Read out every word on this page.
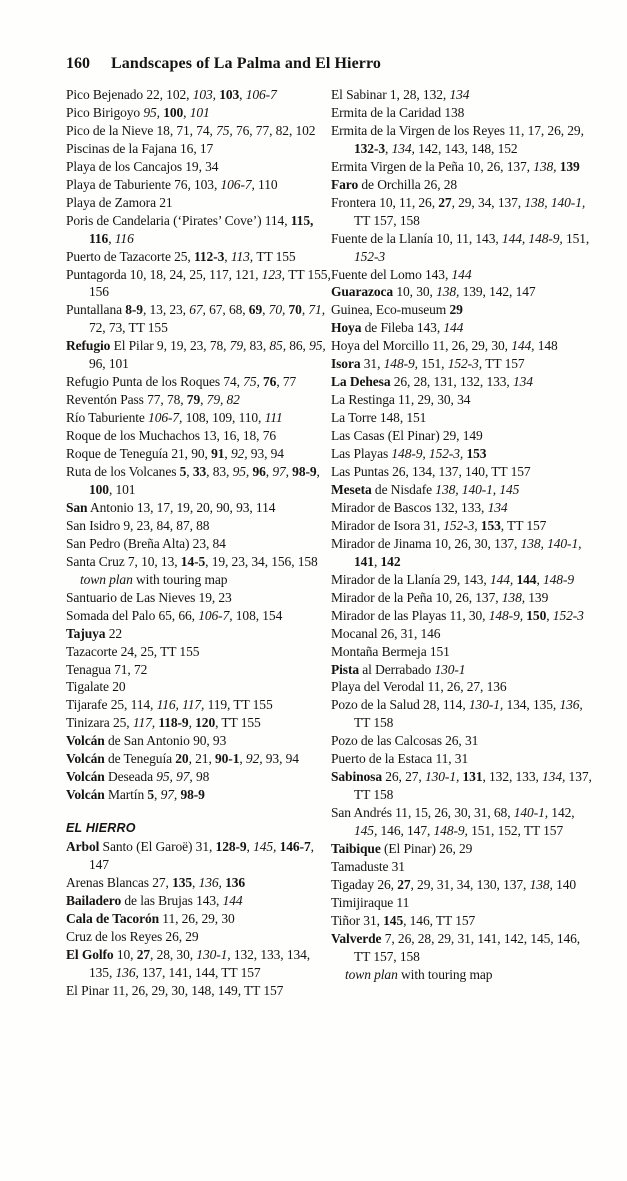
160 Landscapes of La Palma and El Hierro

Pico Bejenado 22, 102, 103, 103, 106-7

Pico Birigoyo 95, 100, 101

Pico de la Nieve 18, 71, 74, 75, 76, 77, 82, 102

Piscinas de la Fajana 16, 17

Playa de los Cancajos 19, 34

Playa de Taburiente 76, 103, 106-7, 110

Playa de Zamora 21

Poris de Candelaria (‘Pirates’ Cove’) 114, 115, 116, 116

Puerto de Tazacorte 25, 112-3, 113, TT 155

Puntagorda 10, 18, 24, 25, 117, 121, 123, TT 155, 156

Puntallana 8-9, 13, 23, 67, 67, 68, 69, 70, 70, 71, 72, 73, TT 155

Refugio El Pilar 9, 19, 23, 78, 79, 83, 85, 86, 95, 96, 101

Refugio Punta de los Roques 74, 75, 76, 77

Reventón Pass 77, 78, 79, 79, 82

Río Taburiente 106-7, 108, 109, 110, 111

Roque de los Muchachos 13, 16, 18, 76

Roque de Teneguía 21, 90, 91, 92, 93, 94

Ruta de los Volcanes 5, 33, 83, 95, 96, 97, 98-9, 100, 101

San Antonio 13, 17, 19, 20, 90, 93, 114

San Isidro 9, 23, 84, 87, 88

San Pedro (Breña Alta) 23, 84

Santa Cruz 7, 10, 13, 14-5, 19, 23, 34, 156, 158

town plan with touring map

Santuario de Las Nieves 19, 23

Somada del Palo 65, 66, 106-7, 108, 154

Tajuya 22

Tazacorte 24, 25, TT 155

Tenagua 71, 72

Tigalate 20

Tijarafe 25, 114, 116, 117, 119, TT 155

Tinizara 25, 117, 118-9, 120, TT 155

Volcán de San Antonio 90, 93

Volcán de Teneguía 20, 21, 90-1, 92, 93, 94

Volcán Deseada 95, 97, 98

Volcán Martín 5, 97, 98-9

EL HIERRO

Arbol Santo (El Garoë) 31, 128-9, 145, 146-7, 147

Arenas Blancas 27, 135, 136, 136

Bailadero de las Brujas 143, 144

Cala de Tacorón 11, 26, 29, 30

Cruz de los Reyes 26, 29

El Golfo 10, 27, 28, 30, 130-1, 132, 133, 134, 135, 136, 137, 141, 144, TT 157

El Pinar 11, 26, 29, 30, 148, 149, TT 157

El Sabinar 1, 28, 132, 134

Ermita de la Caridad 138

Ermita de la Virgen de los Reyes 11, 17, 26, 29, 132-3, 134, 142, 143, 148, 152

Ermita Virgen de la Peña 10, 26, 137, 138, 139

Faro de Orchilla 26, 28

Frontera 10, 11, 26, 27, 29, 34, 137, 138, 140-1, TT 157, 158

Fuente de la Llanía 10, 11, 143, 144, 148-9, 151, 152-3

Fuente del Lomo 143, 144

Guarazoca 10, 30, 138, 139, 142, 147

Guinea, Eco-museum 29

Hoya de Fileba 143, 144

Hoya del Morcillo 11, 26, 29, 30, 144, 148

Isora 31, 148-9, 151, 152-3, TT 157

La Dehesa 26, 28, 131, 132, 133, 134

La Restinga 11, 29, 30, 34

La Torre 148, 151

Las Casas (El Pinar) 29, 149

Las Playas 148-9, 152-3, 153

Las Puntas 26, 134, 137, 140, TT 157

Meseta de Nisdafe 138, 140-1, 145

Mirador de Bascos 132, 133, 134

Mirador de Isora 31, 152-3, 153, TT 157

Mirador de Jinama 10, 26, 30, 137, 138, 140-1, 141, 142

Mirador de la Llanía 29, 143, 144, 144, 148-9

Mirador de la Peña 10, 26, 137, 138, 139

Mirador de las Playas 11, 30, 148-9, 150, 152-3

Mocanal 26, 31, 146

Montaña Bermeja 151

Pista al Derrabado 130-1

Playa del Verodal 11, 26, 27, 136

Pozo de la Salud 28, 114, 130-1, 134, 135, 136, TT 158

Pozo de las Calcosas 26, 31

Puerto de la Estaca 11, 31

Sabinosa 26, 27, 130-1, 131, 132, 133, 134, 137, TT 158

San Andrés 11, 15, 26, 30, 31, 68, 140-1, 142, 145, 146, 147, 148-9, 151, 152, TT 157

Taibique (El Pinar) 26, 29

Tamaduste 31

Tigaday 26, 27, 29, 31, 34, 130, 137, 138, 140

Timijiraque 11

Tiñor 31, 145, 146, TT 157

Valverde 7, 26, 28, 29, 31, 141, 142, 145, 146, TT 157, 158

town plan with touring map
